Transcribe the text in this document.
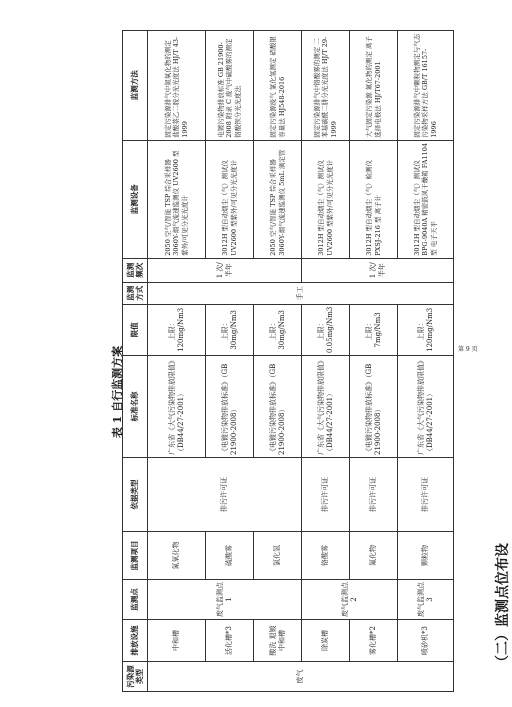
（二）监测点位布设
表 1 自行监测方案
污染源类型	排放设施	监测点	监测项目	依据类型	标准名称	限值	监测方式	监测频次	监测设备	监测方法
废气	中和槽	废气监测点 1	氮氧化物	排污许可证	广东省《大气污染物排放限值》（DB44/27-2001）	上限：120mg/Nm3	手工	1 次/半年	2050 空气/智能 TSP 综合采样器 3060Y-烟气流速监测仪 UV2600 型 紫外/可见分光光度计	固定污染源排气中氮氧化物的测定 盐酸萘乙二胺分光光度法 HJ/T 43-1999
	活化槽*3		硫酸雾		《电镀污染物排放标准》（GB 21900-2008）	上限：30mg/Nm3			3012H 型自动烟尘（气）测试仪 UV2600 型紫外/可见分光光度计	电镀污染物排放标准 GB 21900-2008 附录 C 废气中硫酸雾的测定 铬酸钡分光光度法
	酸洗 退镀 中和槽		氯化氢		《电镀污染物排放标准》（GB 21900-2008）	上限：30mg/Nm3			2050 空气/智能 TSP 综合采样器 3060Y-烟气流速监测仪 5mL 滴定管	固定污染源废气 氯化氢测定 硝酸银容量法 HJ548-2016
	除炭槽	废气监测点 2	铬酸雾	排污许可证	广东省《大气污染物排放限值》（DB44/27-2001）	上限：0.05mg/Nm3		1 次/半年	3012H 型自动烟尘（气）测试仪 UV2600 型紫外/可见分光光度计	固定污染源排气中铬酸雾的测定 二苯基碳酰二肼分光光度法 HJ/T 29-1999
	雾化槽*2		氟化物	排污许可证	《电镀污染物排放标准》（GB 21900-2008）	上限：7mg/Nm3			3012H 型自动烟尘（气）检测仪 PXSJ-216 型 离子计	大气固定污染源 氟化物的测定 离子选择电极法 HJ/T67-2001
	喷砂机*3	废气监测点 3	颗粒物	排污许可证	广东省《大气污染物排放限值》（DB44/27-2001）	上限：120mg/Nm3			3012H 型自动烟尘（气）测试仪 BPG-9040A 精密鼓风干燥箱 FA1104 型 电子天平	固定污染源排气中颗粒物测定与气态污染物采样方法 GB/T 16157-1996
第 9 页
